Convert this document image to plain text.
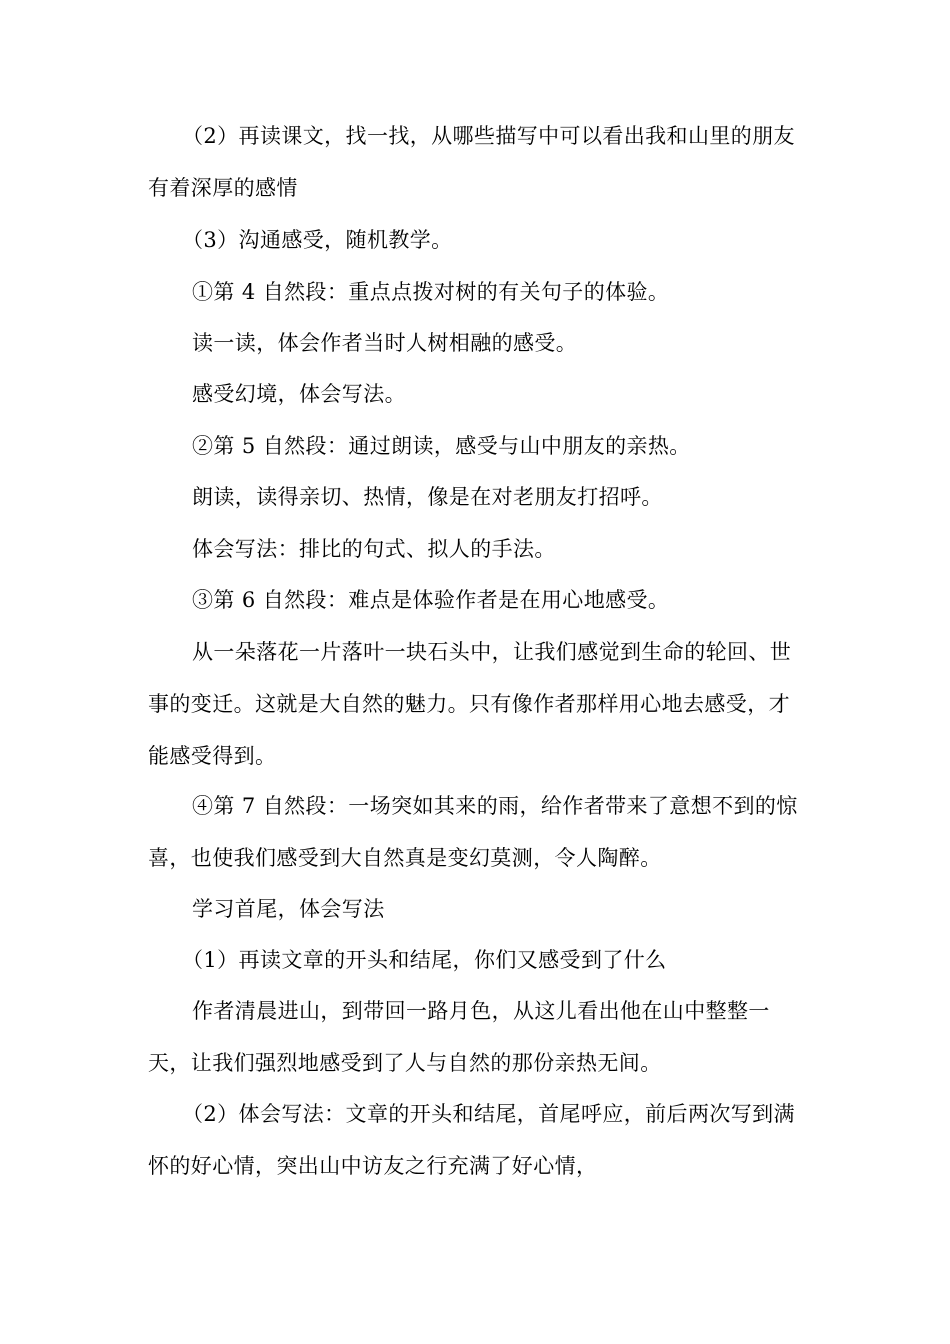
（2）再读课文，找一找，从哪些描写中可以看出我和山里的朋友有着深厚的感情

（3）沟通感受，随机教学。

①第 4 自然段：重点点拨对树的有关句子的体验。

读一读，体会作者当时人树相融的感受。

感受幻境，体会写法。

②第 5 自然段：通过朗读，感受与山中朋友的亲热。

朗读，读得亲切、热情，像是在对老朋友打招呼。

体会写法：排比的句式、拟人的手法。

③第 6 自然段：难点是体验作者是在用心地感受。

从一朵落花一片落叶一块石头中，让我们感觉到生命的轮回、世事的变迁。这就是大自然的魅力。只有像作者那样用心地去感受，才能感受得到。

④第 7 自然段：一场突如其来的雨，给作者带来了意想不到的惊喜，也使我们感受到大自然真是变幻莫测，令人陶醉。

学习首尾，体会写法

（1）再读文章的开头和结尾，你们又感受到了什么

作者清晨进山，到带回一路月色，从这儿看出他在山中整整一天，让我们强烈地感受到了人与自然的那份亲热无间。

（2）体会写法：文章的开头和结尾，首尾呼应，前后两次写到满怀的好心情，突出山中访友之行充满了好心情，
